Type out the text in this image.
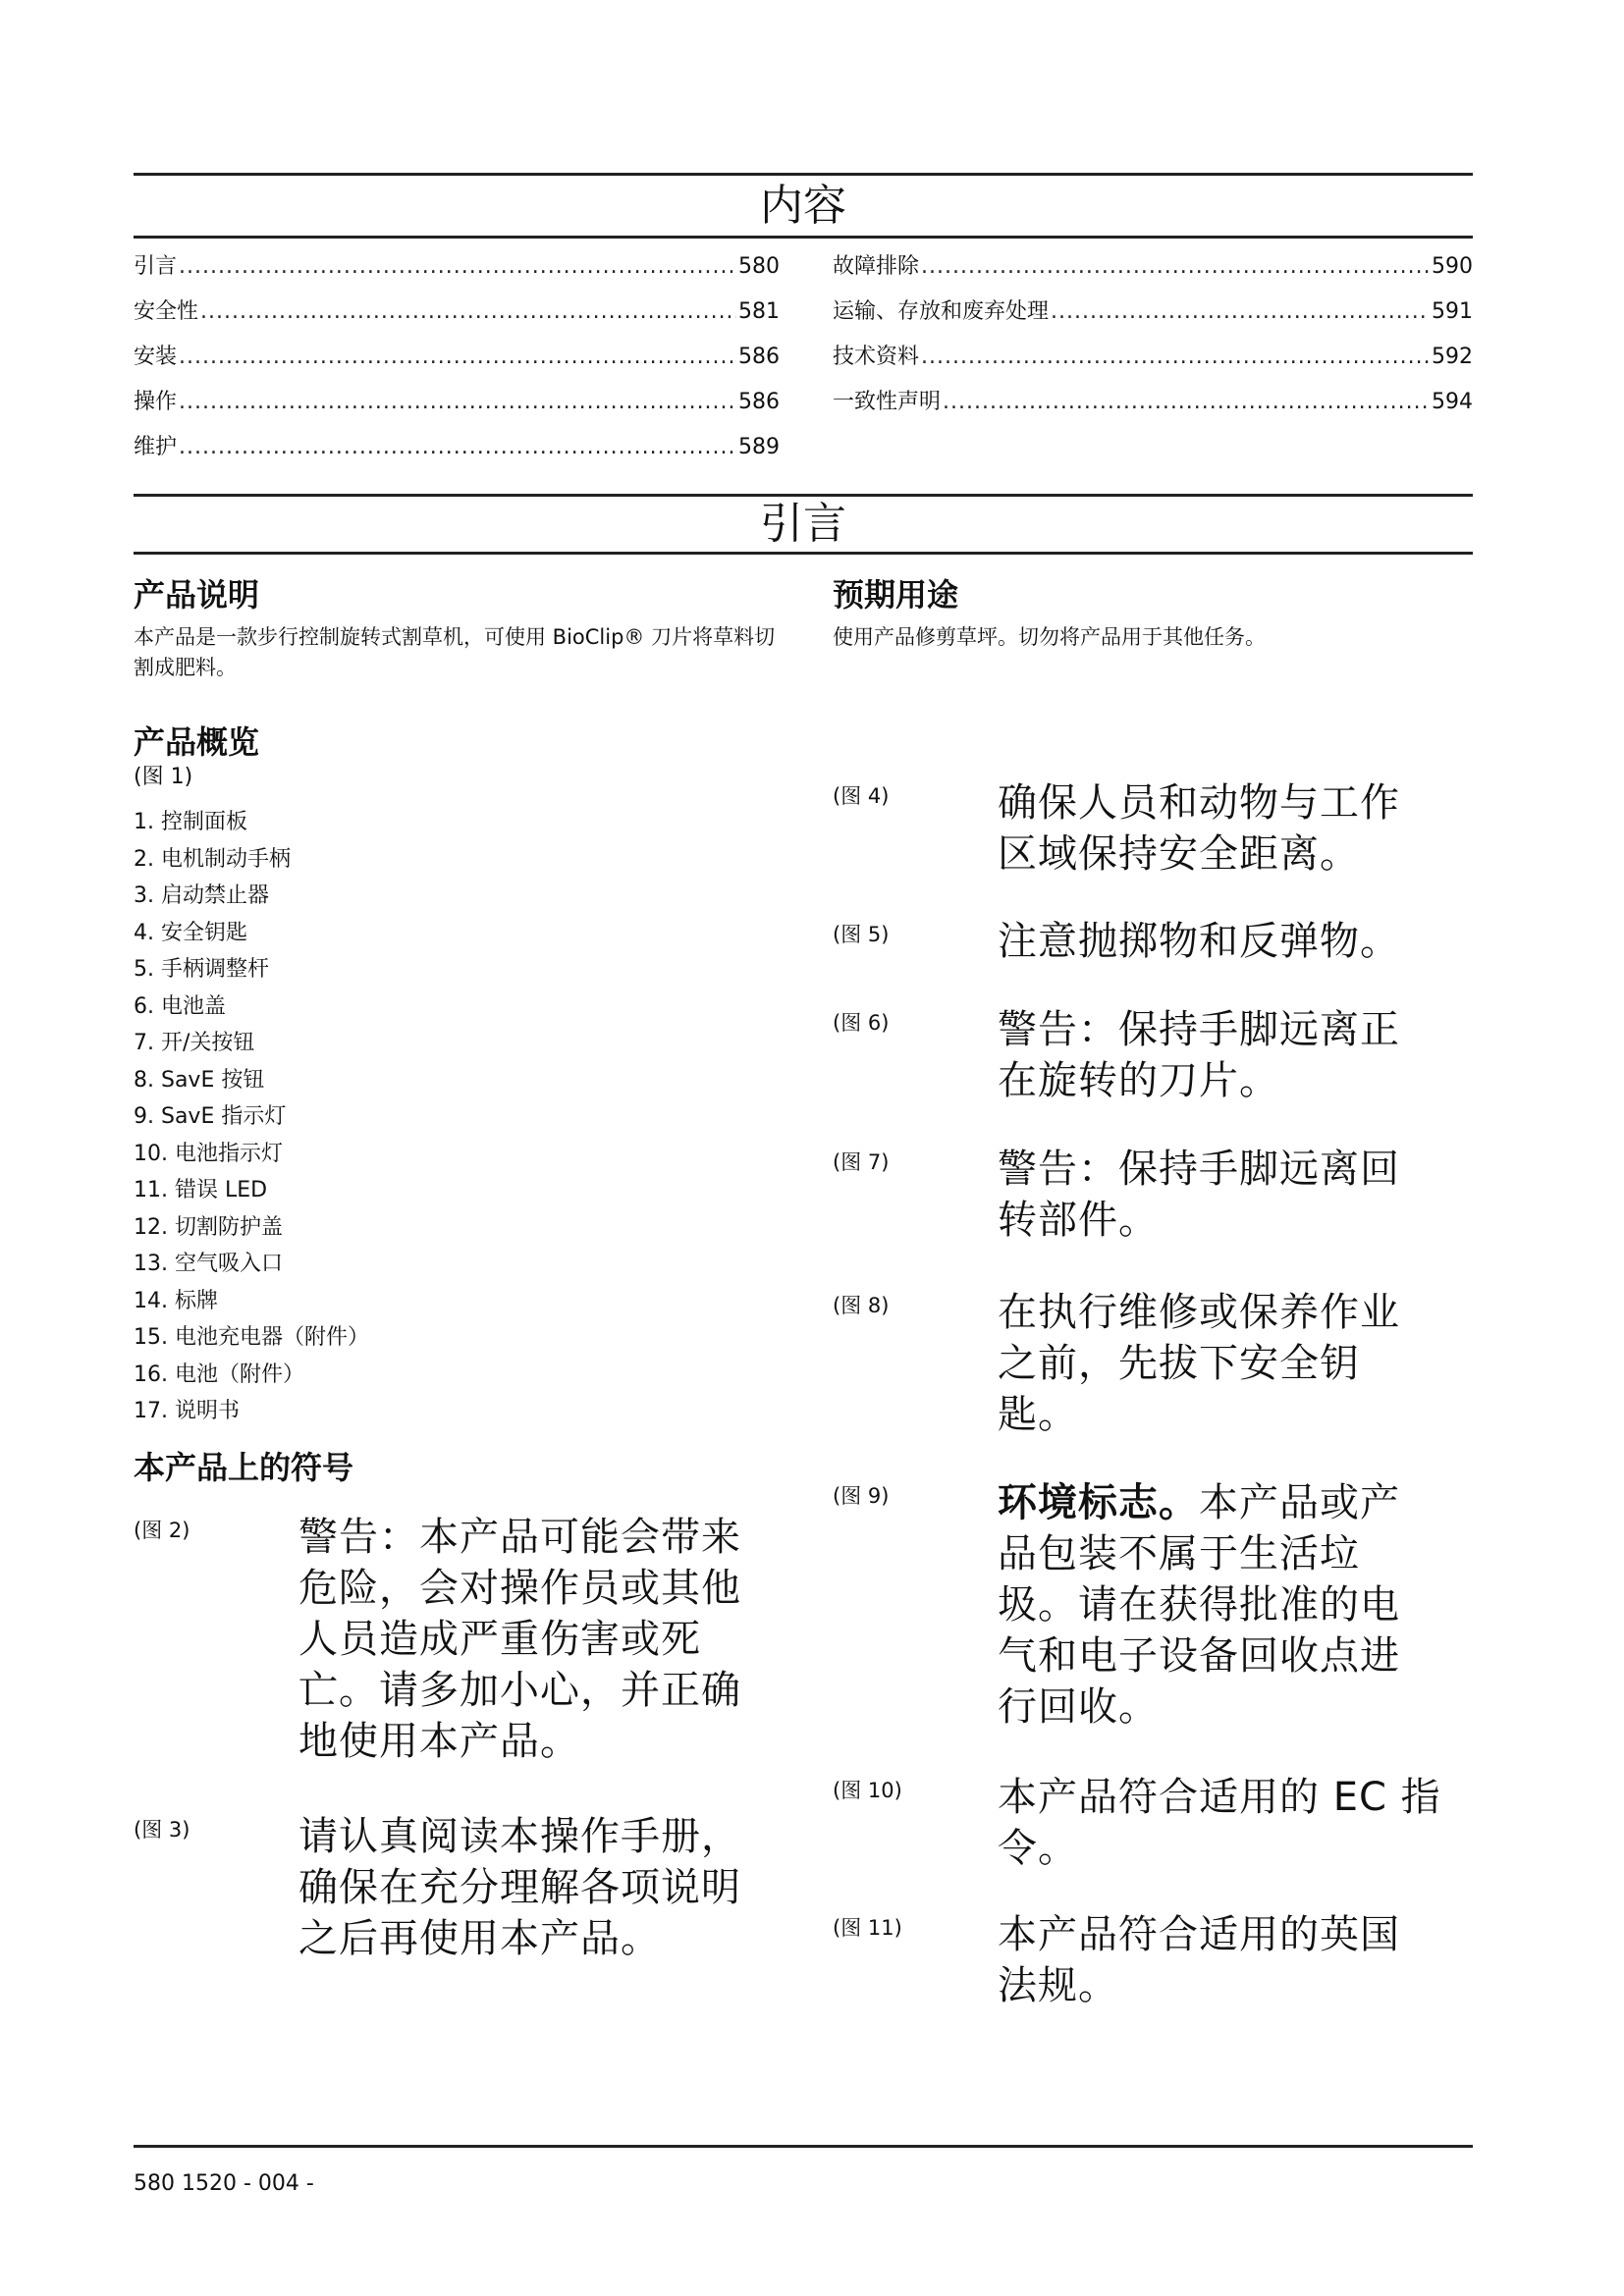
内容
引言 .....	580
安全性 .....	581
安装 .....	586
操作 .....	586
维护 .....	589
故障排除 .....	590
运输、存放和废弃处理 .....	591
技术资料 .....	592
一致性声明 .....	594
引言
产品说明

本产品是一款步行控制旋转式割草机，可使用 BioClip® 刀片将草料切割成肥料。

产品概览
(图 1)
1. 控制面板
2. 电机制动手柄
3. 启动禁止器
4. 安全钥匙
5. 手柄调整杆
6. 电池盖
7. 开/关按钮
8. SavE 按钮
9. SavE 指示灯
10. 电池指示灯
11. 错误 LED
12. 切割防护盖
13. 空气吸入口
14. 标牌
15. 电池充电器（附件）
16. 电池（附件）
17. 说明书
本产品上的符号
(图 2)	警告：本产品可能会带来危险，会对操作员或其他人员造成严重伤害或死亡。请多加小心，并正确地使用本产品。
(图 3)	请认真阅读本操作手册，确保在充分理解各项说明之后再使用本产品。
预期用途

使用产品修剪草坪。切勿将产品用于其他任务。

(图 4)	确保人员和动物与工作区域保持安全距离。
(图 5)	注意抛掷物和反弹物。
(图 6)	警告：保持手脚远离正在旋转的刀片。
(图 7)	警告：保持手脚远离回转部件。
(图 8)	在执行维修或保养作业之前，先拔下安全钥匙。
(图 9)	环境标志。本产品或产品包装不属于生活垃圾。请在获得批准的电气和电子设备回收点进行回收。
(图 10)	本产品符合适用的 EC 指令。
(图 11)	本产品符合适用的英国法规。
580 1520 - 004 -
